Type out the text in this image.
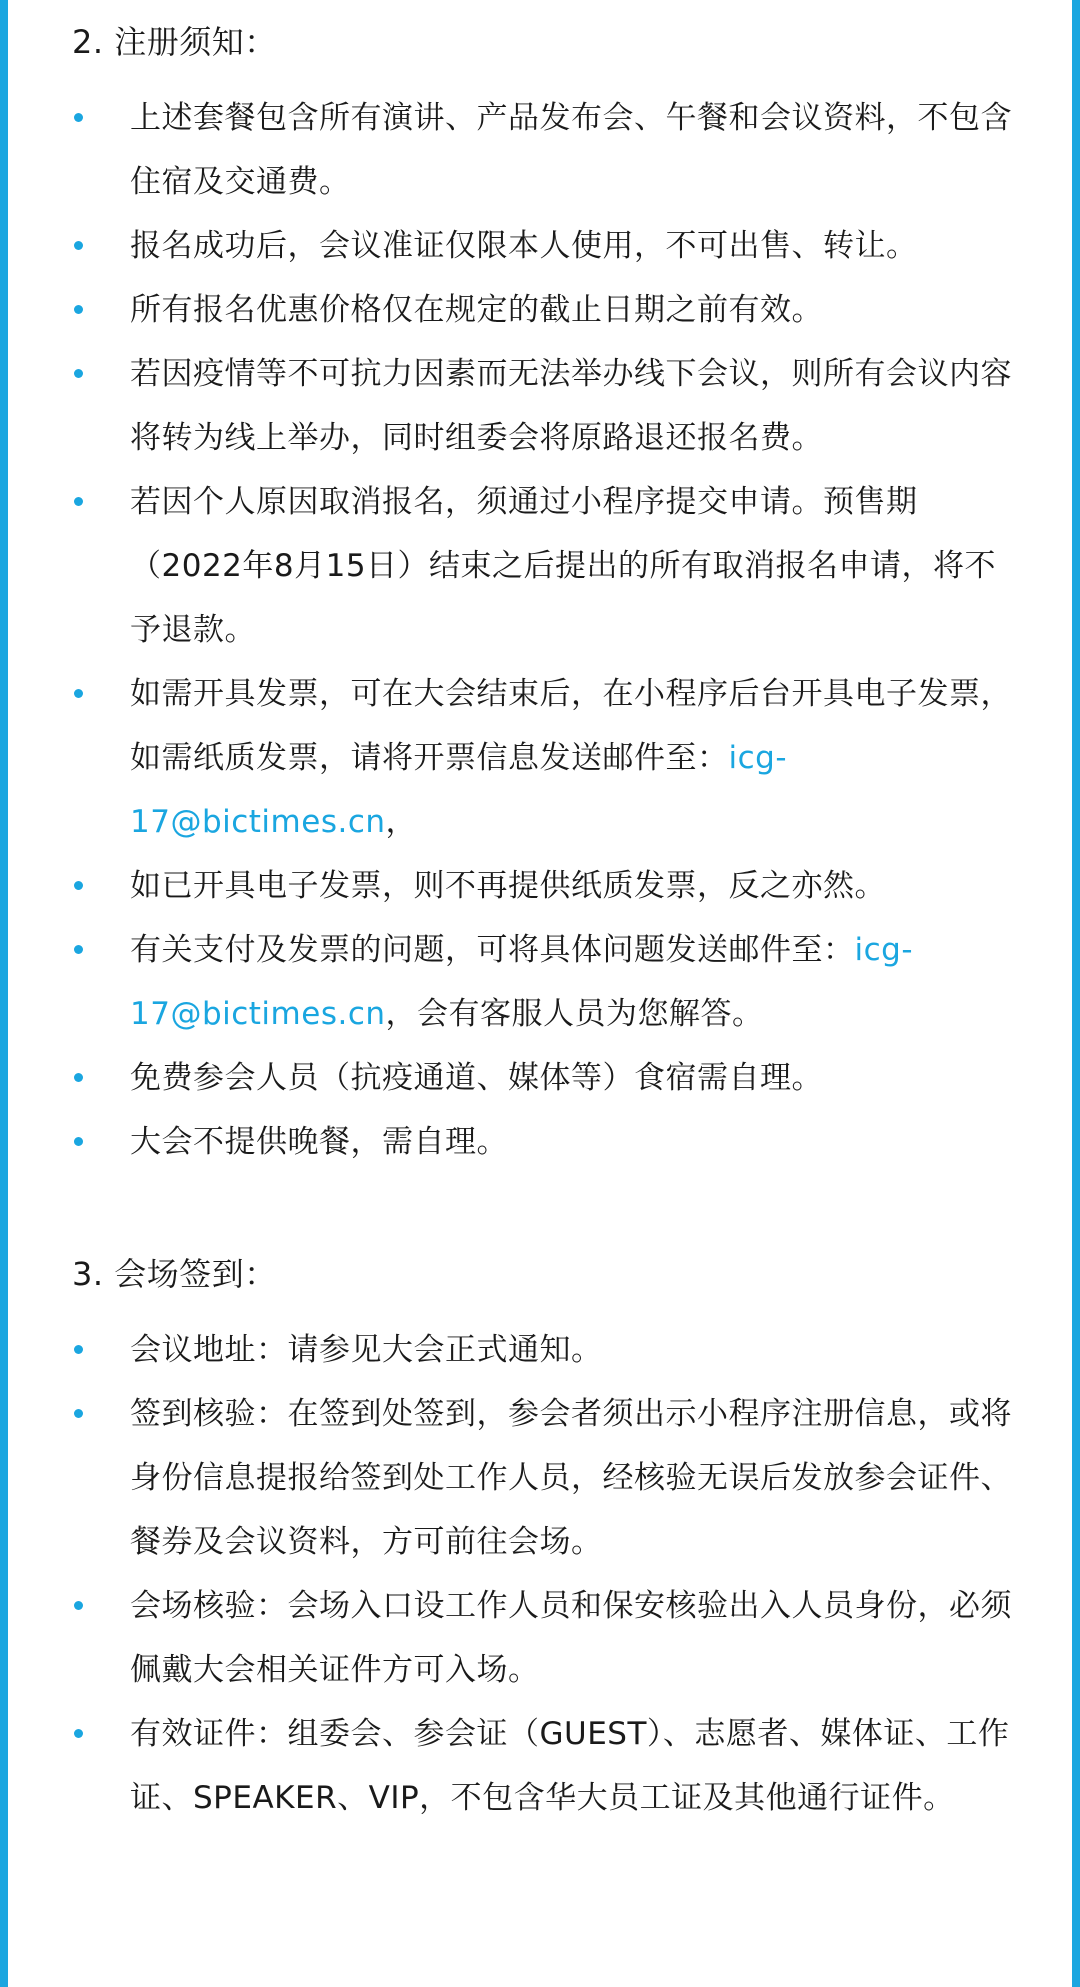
2. 注册须知：
上述套餐包含所有演讲、产品发布会、午餐和会议资料，不包含住宿及交通费。
报名成功后，会议准证仅限本人使用，不可出售、转让。
所有报名优惠价格仅在规定的截止日期之前有效。
若因疫情等不可抗力因素而无法举办线下会议，则所有会议内容将转为线上举办，同时组委会将原路退还报名费。
若因个人原因取消报名，须通过小程序提交申请。预售期（2022年8月15日）结束之后提出的所有取消报名申请，将不予退款。
如需开具发票，可在大会结束后，在小程序后台开具电子发票，如需纸质发票，请将开票信息发送邮件至：icg-17@bictimes.cn，
如已开具电子发票，则不再提供纸质发票，反之亦然。
有关支付及发票的问题，可将具体问题发送邮件至：icg-17@bictimes.cn，会有客服人员为您解答。
免费参会人员（抗疫通道、媒体等）食宿需自理。
大会不提供晚餐，需自理。
3. 会场签到：
会议地址：请参见大会正式通知。
签到核验：在签到处签到，参会者须出示小程序注册信息，或将身份信息提报给签到处工作人员，经核验无误后发放参会证件、餐券及会议资料，方可前往会场。
会场核验：会场入口设工作人员和保安核验出入人员身份，必须佩戴大会相关证件方可入场。
有效证件：组委会、参会证（GUEST）、志愿者、媒体证、工作证、SPEAKER、VIP，不包含华大员工证及其他通行证件。
